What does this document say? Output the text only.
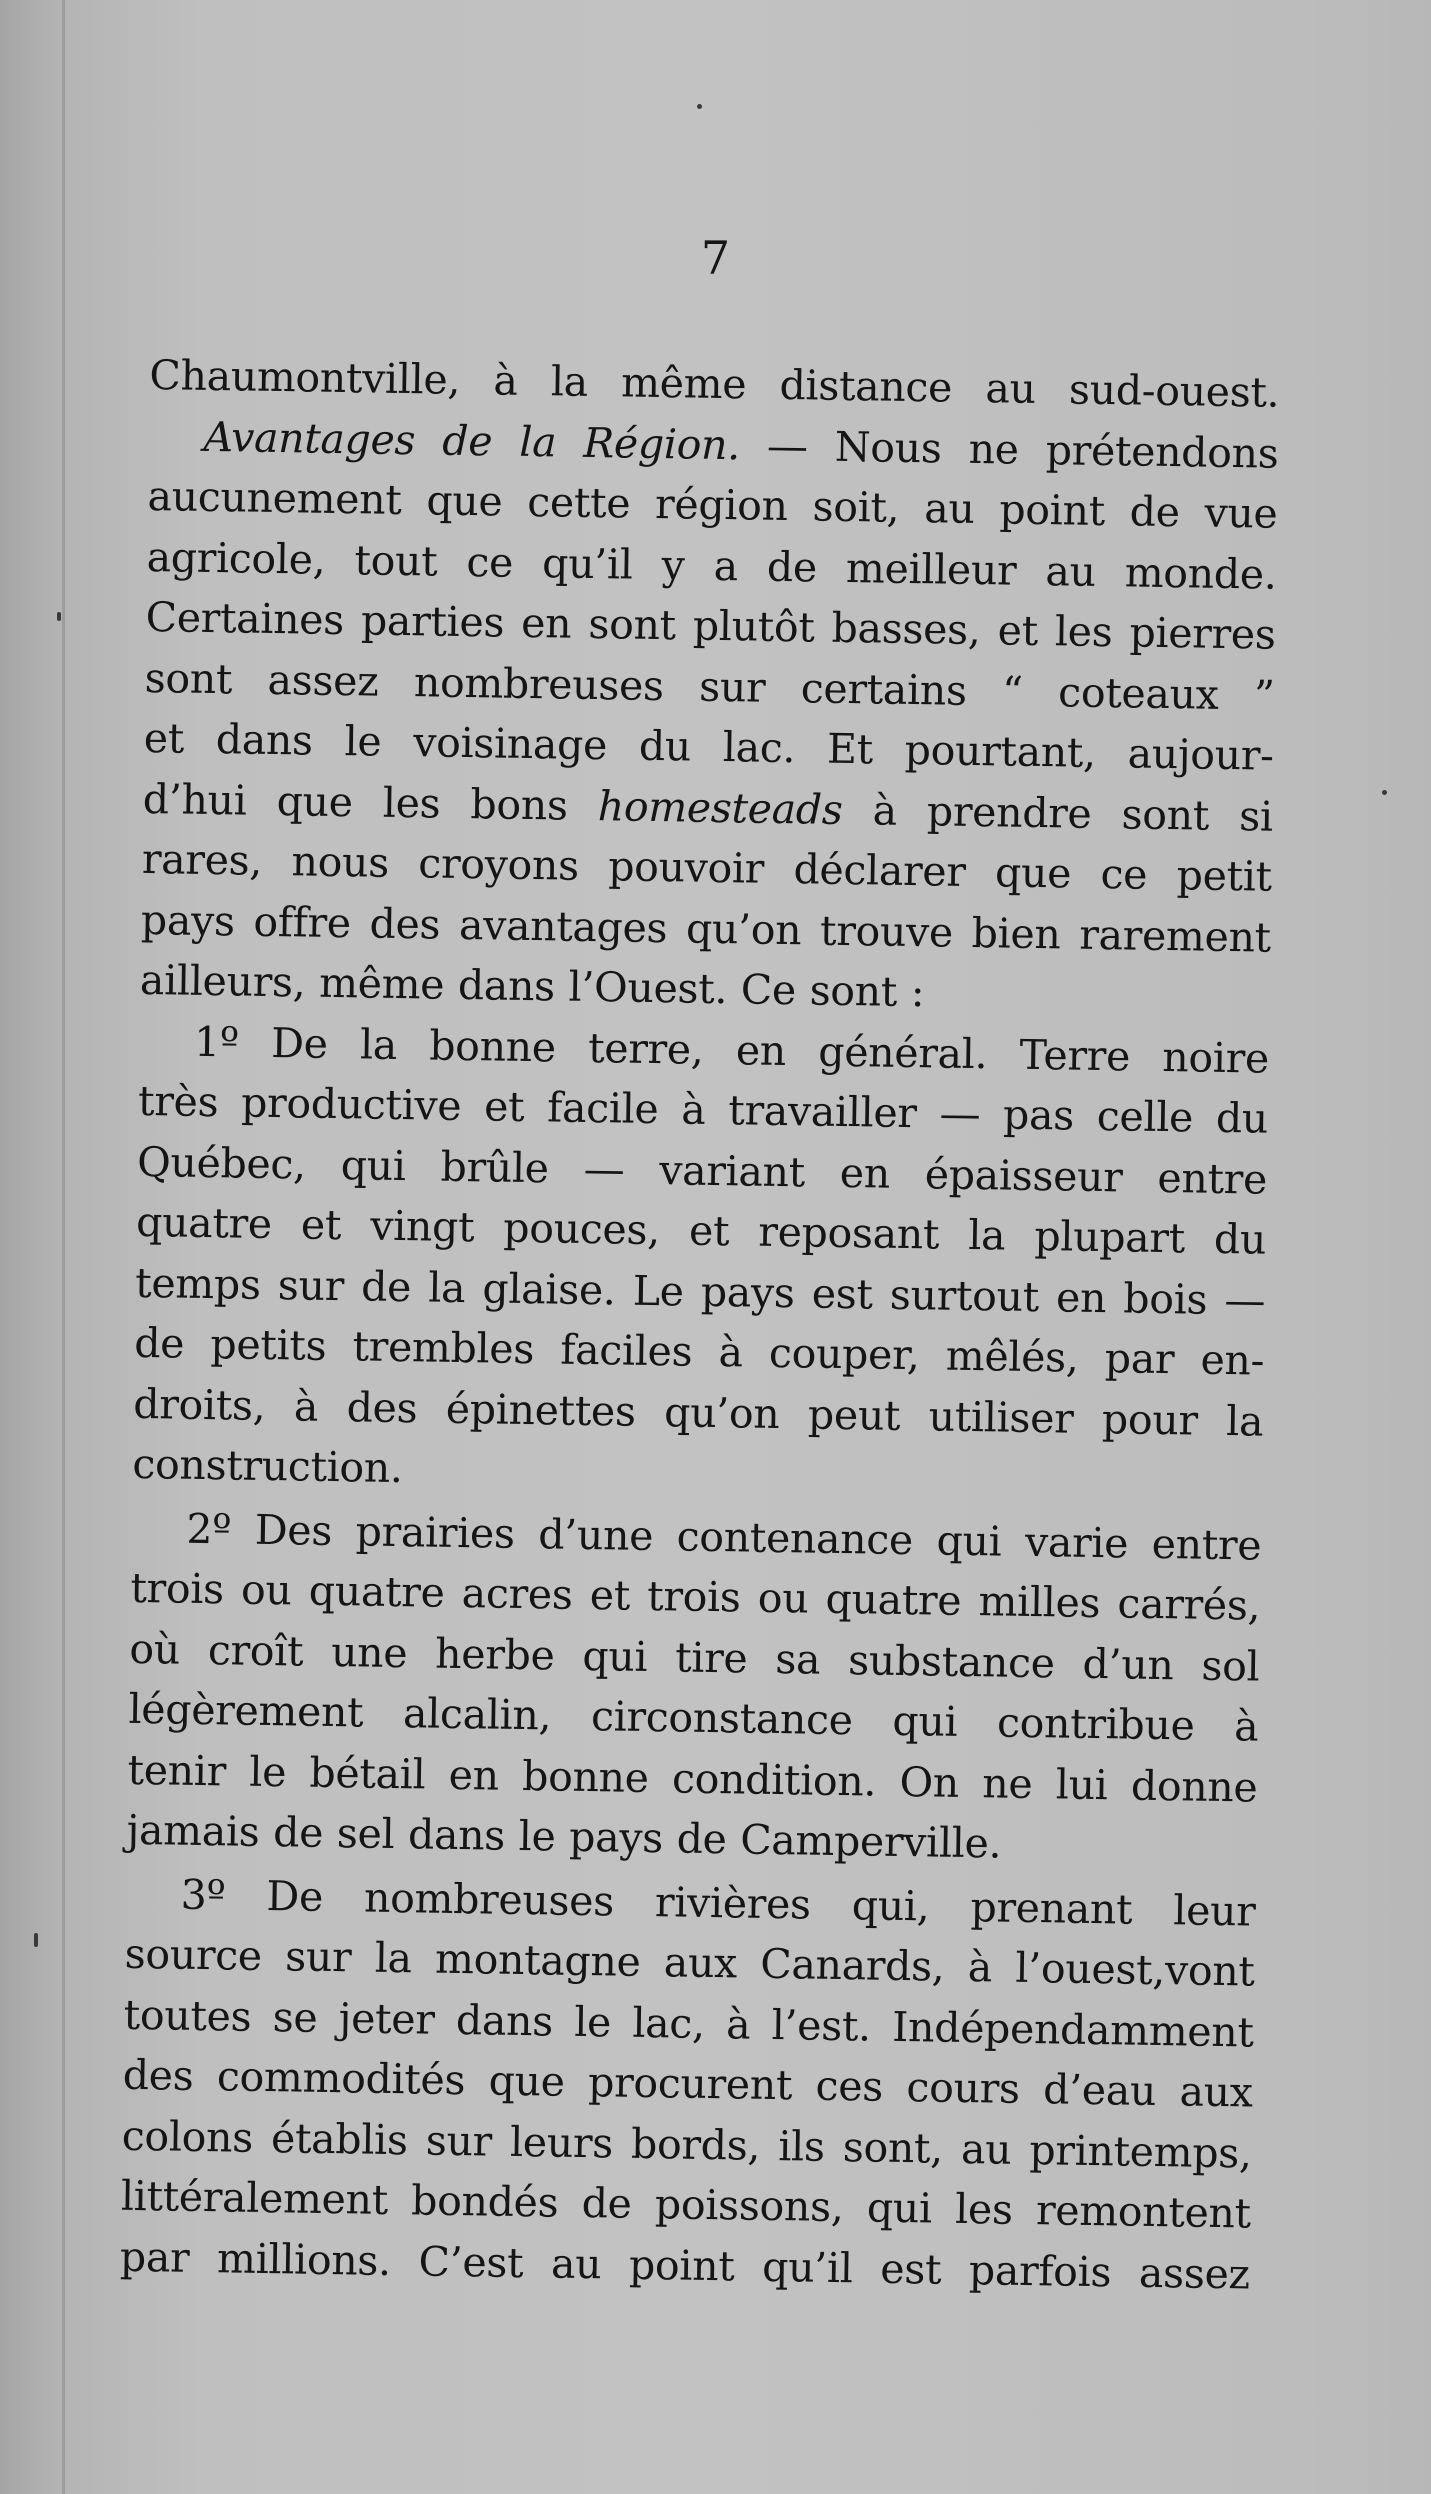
7
Chaumontville, à la même distance au sud-ouest.
Avantages de la Région. — Nous ne prétendons
aucunement que cette région soit, au point de vue
agricole, tout ce qu’il y a de meilleur au monde.
Certaines parties en sont plutôt basses, et les pierres
sont assez nombreuses sur certains “ coteaux ”
et dans le voisinage du lac. Et pourtant, aujour-
d’hui que les bons homesteads à prendre sont si
rares, nous croyons pouvoir déclarer que ce petit
pays offre des avantages qu’on trouve bien rarement
ailleurs, même dans l’Ouest. Ce sont :
1º De la bonne terre, en général. Terre noire
très productive et facile à travailler — pas celle du
Québec, qui brûle — variant en épaisseur entre
quatre et vingt pouces, et reposant la plupart du
temps sur de la glaise. Le pays est surtout en bois —
de petits trembles faciles à couper, mêlés, par en-
droits, à des épinettes qu’on peut utiliser pour la
construction.
2º Des prairies d’une contenance qui varie entre
trois ou quatre acres et trois ou quatre milles carrés,
où croît une herbe qui tire sa substance d’un sol
légèrement alcalin, circonstance qui contribue à
tenir le bétail en bonne condition. On ne lui donne
jamais de sel dans le pays de Camperville.
3º De nombreuses rivières qui, prenant leur
source sur la montagne aux Canards, à l’ouest,vont
toutes se jeter dans le lac, à l’est. Indépendamment
des commodités que procurent ces cours d’eau aux
colons établis sur leurs bords, ils sont, au printemps,
littéralement bondés de poissons, qui les remontent
par millions. C’est au point qu’il est parfois assez
